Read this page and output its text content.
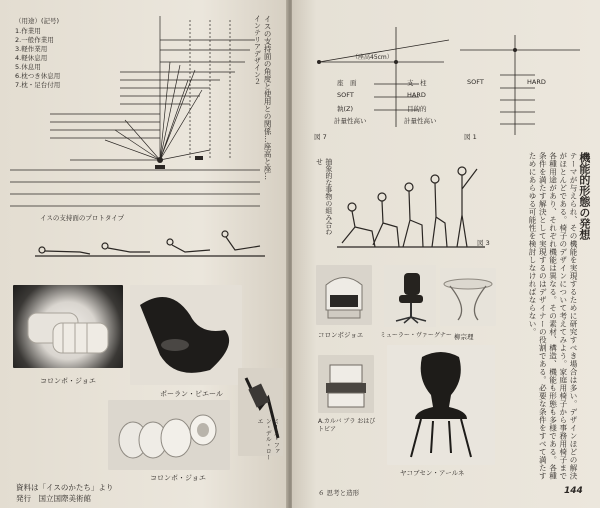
（用途）(記号)
1.作業用
2.一般作業用
3.軽作業用
4.軽休息用
5.休息用
6.枕つき休息用
7.枕・足台付用
イスの支持面のプロトタイプ
イスの支持面の角度と使用との関係…座高と座…
インテリアデザイン２
コロンボ・ジョエ
ポーラン・ピエール
コロンボ・ジョエ
ミース・ファン・デル・ローエ
資料は「イスのかたち」より
発行　国立国際美術館
（座高45cm）
座　面
SOFT
執(Z)
計量性高い
支　柱
HARD
目的的
計量性高い
図 7
SOFT	HARD
図 1
抽象的な事物の組み合わせ
図 3
機能的形態の発想
テーマが与えられ、その機能を実現するために研究すべき場合は多い。デザインほどの解決がほとんどである。椅子のデザインについて考えてみよう。家庭用椅子から事務用椅子まで各種用途があり、それぞれ機能は異なる。その素材、構造、機能も形態も多様である。各種条件を満たす解決として実現するのはデザイナーの役割である。必要な条件をすべて満たすためにあらゆる可能性を検討しなければならない。
コロンボジョエ	ミューラー・ヴァーグナー 柳宗理
A.カルバ ブラ おはびトビア
ヤコブセン・アールネ
６ 思考と造形	144
